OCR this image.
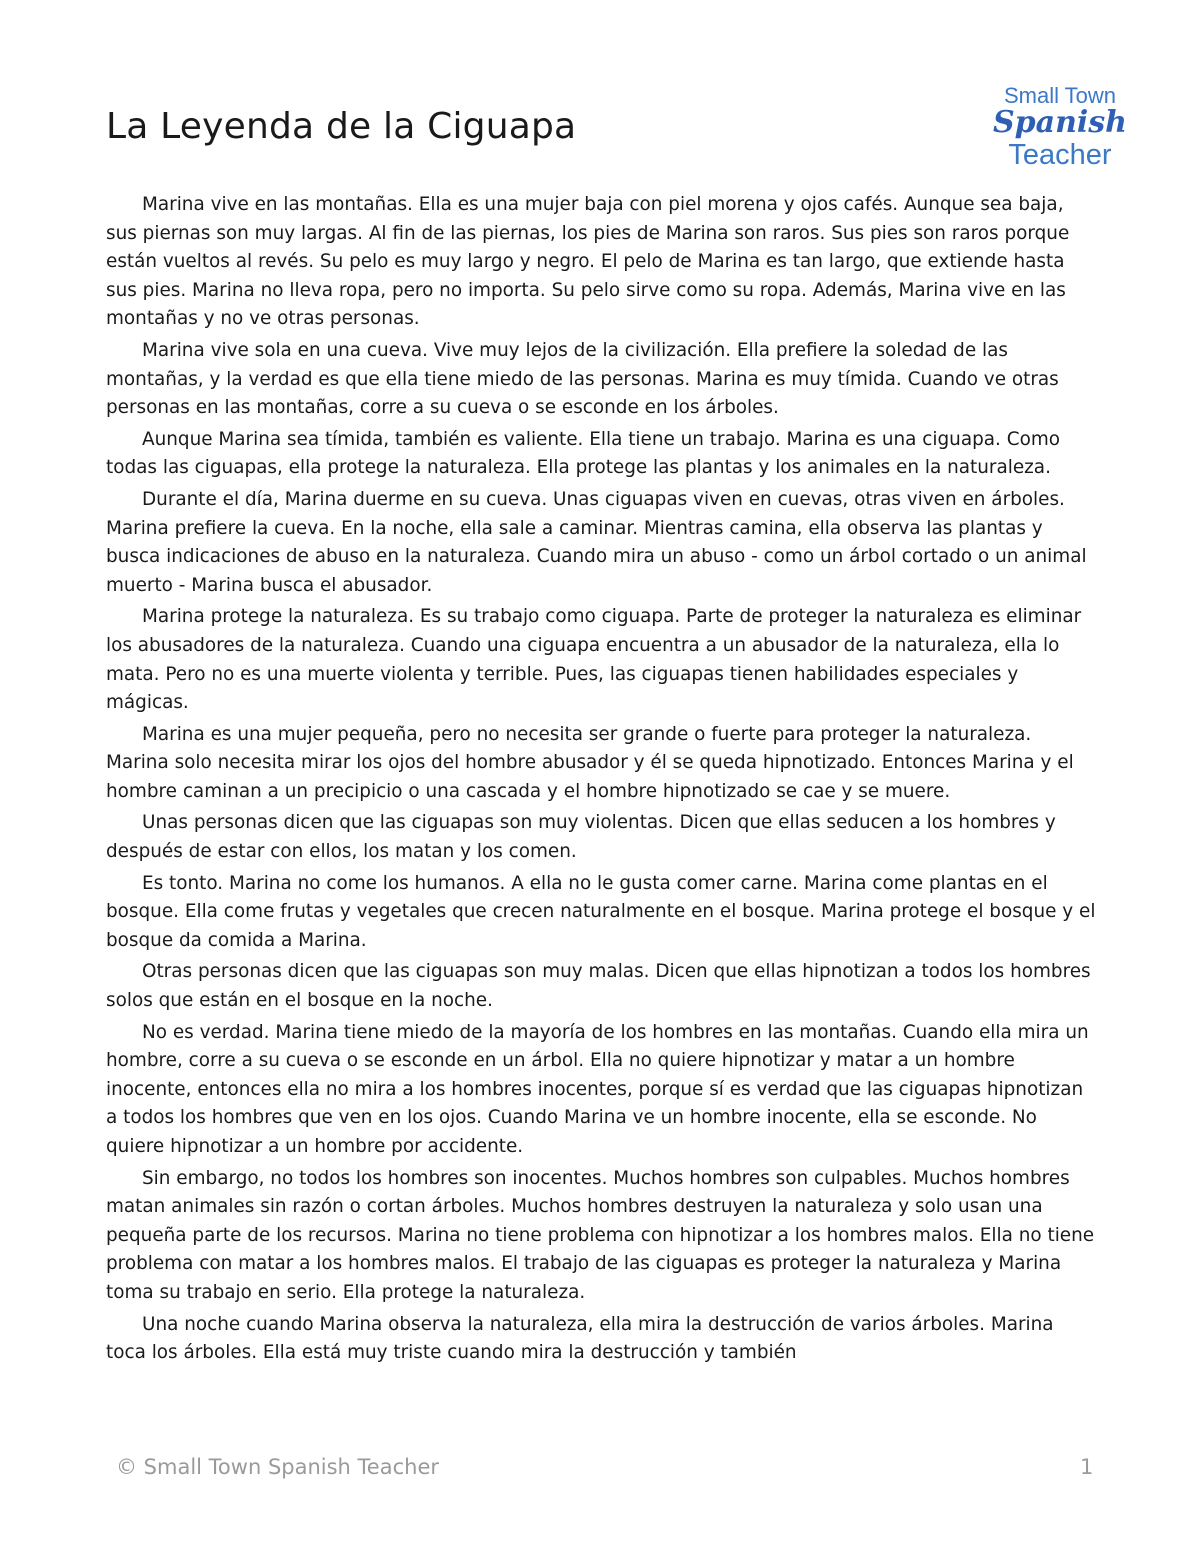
La Leyenda de la Ciguapa
Small Town
Spanish
Teacher

Marina vive en las montañas. Ella es una mujer baja con piel morena y ojos cafés. Aunque sea baja, sus piernas son muy largas. Al fin de las piernas, los pies de Marina son raros. Sus pies son raros porque están vueltos al revés. Su pelo es muy largo y negro. El pelo de Marina es tan largo, que extiende hasta sus pies. Marina no lleva ropa, pero no importa. Su pelo sirve como su ropa. Además, Marina vive en las montañas y no ve otras personas.

Marina vive sola en una cueva. Vive muy lejos de la civilización. Ella prefiere la soledad de las montañas, y la verdad es que ella tiene miedo de las personas. Marina es muy tímida. Cuando ve otras personas en las montañas, corre a su cueva o se esconde en los árboles.

Aunque Marina sea tímida, también es valiente. Ella tiene un trabajo. Marina es una ciguapa. Como todas las ciguapas, ella protege la naturaleza. Ella protege las plantas y los animales en la naturaleza.

Durante el día, Marina duerme en su cueva. Unas ciguapas viven en cuevas, otras viven en árboles. Marina prefiere la cueva. En la noche, ella sale a caminar. Mientras camina, ella observa las plantas y busca indicaciones de abuso en la naturaleza. Cuando mira un abuso - como un árbol cortado o un animal muerto - Marina busca el abusador.

Marina protege la naturaleza. Es su trabajo como ciguapa. Parte de proteger la naturaleza es eliminar los abusadores de la naturaleza. Cuando una ciguapa encuentra a un abusador de la naturaleza, ella lo mata. Pero no es una muerte violenta y terrible. Pues, las ciguapas tienen habilidades especiales y mágicas.

Marina es una mujer pequeña, pero no necesita ser grande o fuerte para proteger la naturaleza. Marina solo necesita mirar los ojos del hombre abusador y él se queda hipnotizado. Entonces Marina y el hombre caminan a un precipicio o una cascada y el hombre hipnotizado se cae y se muere.

Unas personas dicen que las ciguapas son muy violentas. Dicen que ellas seducen a los hombres y después de estar con ellos, los matan y los comen.

Es tonto. Marina no come los humanos. A ella no le gusta comer carne. Marina come plantas en el bosque. Ella come frutas y vegetales que crecen naturalmente en el bosque. Marina protege el bosque y el bosque da comida a Marina.

Otras personas dicen que las ciguapas son muy malas. Dicen que ellas hipnotizan a todos los hombres solos que están en el bosque en la noche.

No es verdad. Marina tiene miedo de la mayoría de los hombres en las montañas. Cuando ella mira un hombre, corre a su cueva o se esconde en un árbol. Ella no quiere hipnotizar y matar a un hombre inocente, entonces ella no mira a los hombres inocentes, porque sí es verdad que las ciguapas hipnotizan a todos los hombres que ven en los ojos. Cuando Marina ve un hombre inocente, ella se esconde. No quiere hipnotizar a un hombre por accidente.

Sin embargo, no todos los hombres son inocentes. Muchos hombres son culpables. Muchos hombres matan animales sin razón o cortan árboles. Muchos hombres destruyen la naturaleza y solo usan una pequeña parte de los recursos. Marina no tiene problema con hipnotizar a los hombres malos. Ella no tiene problema con matar a los hombres malos. El trabajo de las ciguapas es proteger la naturaleza y Marina toma su trabajo en serio. Ella protege la naturaleza.

Una noche cuando Marina observa la naturaleza, ella mira la destrucción de varios árboles. Marina toca los árboles. Ella está muy triste cuando mira la destrucción y también

© Small Town Spanish Teacher	1
